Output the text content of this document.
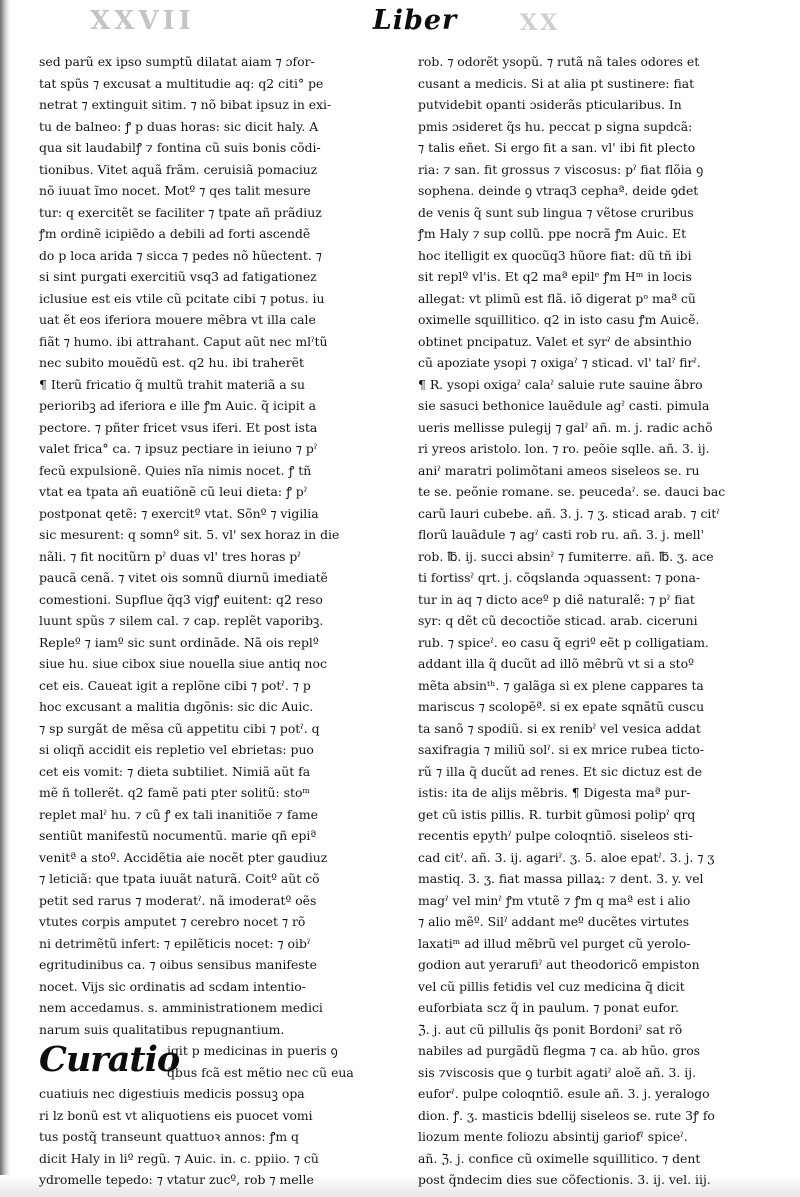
XXVII	Liber	XX
sed parũ ex ipso sumptũ dilatat aiam ⁊ ɔfor-
tat spũs ⁊ excusat a multitudie aq: q2 citi° pe
netrat ⁊ extinguit sitim. ⁊ nõ bibat ipsuz in exi-
tu de balneo: ꝭ p duas horas: sic dicit haly. A
qua sit laudabilꝭ ⁊ fontina cũ suis bonis cõdi-
tionibus. Vitet aquã frãm. ceruisiã pomaciuz
nõ iuuat ĩmo nocet. Motº ⁊ qes talit mesure
tur: q exercitẽt se faciliter ⁊ tpate añ prãdiuz
ꝭm ordinẽ icipiẽdo a debili ad forti ascendẽ
do p loca arida ⁊ sicca ⁊ pedes nõ hũectent. ⁊
si sint purgati exercitiũ vsq3 ad fatigationez
iclusiue est eis vtile cũ pcitate cibi ⁊ potus. iu
uat ẽt eos iferiora mouere mẽbra vt illa cale
fiãt ⁊ humo. ibi attrahant. Caput aũt nec mlˀtũ
nec subito mouẽdũ est. q2 hu. ibi traherẽt
¶ Iterũ fricatio q̃ multũ trahit materiã a su
perioribꝫ ad iferiora e ille ꝭm Auic. q̃ icipit a
pectore. ⁊ pñter fricet vsus iferi. Et post ista
valet frica° ca. ⁊ ipsuz pectiare in ieiuno ⁊ pˀ
fecũ expulsionẽ. Quies nĩa nimis nocet. ꝭ tñ
vtat ea tpata añ euatiõnẽ cũ leui dieta: ꝭ pˀ
postponat qetẽ: ⁊ exercitº vtat. Sõnº ⁊ vigilia
sic mesurent: q somnº sit. 5. vl' sex horaz in die
nãli. ⁊ fit nocitũrn pˀ duas vl' tres horas pˀ
paucã cenã. ⁊ vitet ois somnũ diurnũ imediatẽ
comestioni. Supflue q̃q3 vigꝭ euitent: q2 reso
luunt spũs ⁊ silem cal. ⁊ cap. replẽt vaporibꝫ.
Repleº ⁊ iamº sic sunt ordinãde. Nã ois replº
siue hu. siue cibox siue nouella siue antiq noc
cet eis. Caueat igit a replõne cibi ⁊ potˀ. ⁊ p
hoc excusant a malitia dıgõnis: sic dic Auic.
⁊ sp surgãt de mẽsa cũ appetitu cibi ⁊ potˀ. q
si oliqñ accidit eis repletio vel ebrietas: puo
cet eis vomit: ⁊ dieta subtiliet. Nimiã aũt fa
mẽ ñ tollerẽt. q2 famẽ pati pter solitũ: stoᵐ
replet malˀ hu. ⁊ cũ ꝭ ex tali inanitiõe ⁊ fame
sentiũt manifestũ nocumentũ. marie qñ epiª
venitª a stoº. Accidẽtia aie nocẽt pter gaudiuz
⁊ leticiã: que tpata iuuãt naturã. Coitº aũt cõ
petit sed rarus ⁊ moderatˀ. nã imoderatº oẽs
vtutes corpis amputet ⁊ cerebro nocet ⁊ rõ
ni detrimẽtũ infert: ⁊ epilẽticis nocet: ⁊ oibˀ
egritudinibus ca. ⁊ oibus sensibus manifeste
nocet. Vijs sic ordinatis ad scdam intentio-
nem accedamus. s. amministrationem medici
narum suis qualitatibus repugnantium.
Curatio
igit p medicinas in pueris ꝯ
q̃bus fcã est mẽtio nec cũ eua
cuatiuis nec digestiuis medicis possuꝫ opa
ri lz bonũ est vt aliquotiens eis puocet vomi
tus postq̃ transeunt quattuoꝛ annos: ꝭm q
dicit Haly in liº regũ. ⁊ Auic. in. c. ppiio. ⁊ cũ
ydromelle tepedo: ⁊ vtatur zucº, rob ⁊ melle
rob. ⁊ odorẽt ysopũ. ⁊ rutã nã tales odores et
cusant a medicis. Si at alia pt sustinere: fiat
putvidebit opanti ɔsiderãs pticularibus. In
pmis ɔsideret q̃s hu. peccat p signa supdcã:
⁊ talis eñet. Si ergo fit a san. vl' ibi fit plecto
ria: ⁊ san. fit grossus ⁊ viscosus: pˀ fiat flõia ꝯ
sophena. deinde ꝯ vtraq3 cephaª. deide ꝯdet
de venis q̃ sunt sub lingua ⁊ vẽtose cruribus
ꝭm Haly ⁊ sup collũ. ppe nocrã ꝭm Auic. Et
hoc itelligit ex quocũq3 hũore fiat: dũ tñ ibi
sit replº vl'is. Et q2 maª epilᵉ ꝭm Hᵐ in locis
allegat: vt plimũ est flã. iõ digerat pᵒ maª cũ
oximelle squillitico. q2 in isto casu ꝭm Auicẽ.
obtinet pncipatuz. Valet et syrˀ de absinthio
cũ apoziate ysopi ⁊ oxigaˀ ⁊ sticad. vl' talˀ firˀ.
¶ R. ysopi oxigaˀ calaˀ saluie rute sauine ãbro
sie sasuci bethonice lauẽdule agˀ casti. pimula
ueris mellisse pulegij ⁊ galˀ añ. m. j. radic achõ
ri yreos aristolo. lon. ⁊ ro. peõie sqlle. añ. 3. ij.
aniˀ maratri polimõtani ameos siseleos se. ru
te se. peõnie romane. se. peucedaˀ. se. dauci bac
carũ lauri cubebe. añ. 3. j. ⁊ ʒ. sticad arab. ⁊ citˀ
florũ lauãdule ⁊ agˀ casti rob ru. añ. 3. j. mell'
rob. ℔. ij. succi absinˀ ⁊ fumiterre. añ. ℔. ʒ. ace
ti fortissˀ qrt. j. cõqslanda ɔquassent: ⁊ pona-
tur in aq ⁊ dicto aceº p diẽ naturalẽ: ⁊ pˀ fiat
syr: q dẽt cũ decoctiõe sticad. arab. ciceruni
rub. ⁊ spiceˀ. eo casu q̃ egriº eẽt p colligatiam.
addant illa q̃ ducũt ad illõ mẽbrũ vt si a stoº
mẽta absinᵗʰ. ⁊ galãga si ex plene cappares ta
mariscus ⁊ scolopẽª. si ex epate sqnãtũ cuscu
ta sanõ ⁊ spodiũ. si ex renibˀ vel vesica addat
saxifragia ⁊ miliũ solˀ. si ex mrice rubea ticto-
rũ ⁊ illa q̃ ducũt ad renes. Et sic dictuz est de
istis: ita de alijs mẽbris. ¶ Digesta maª pur-
get cũ istis pillis. R. turbit gũmosi polipˀ qrq
recentis epythˀ pulpe coloqntiõ. siseleos sti-
cad citˀ. añ. 3. ij. agariˀ. ʒ. 5. aloe epatˀ. 3. j. ⁊ ʒ
mastiq. 3. ʒ. fiat massa pillaꝝ: ⁊ dent. 3. y. vel
magˀ vel minˀ ꝭm vtutẽ ⁊ ꝭm q maª est i alio
⁊ alio mẽº. Silˀ addant meº ducẽtes virtutes
laxatiᵐ ad illud mẽbrũ vel purget cũ yerolo-
godion aut yerarufiˀ aut theodoricõ empiston
vel cũ pillis fetidis vel cuz medicina q̃ dicit
euforbiata scz q̃ in paulum. ⁊ ponat eufor.
ℨ. j. aut cũ pillulis q̃s ponit Bordoniˀ sat rõ
nabiles ad purgãdũ flegma ⁊ ca. ab hũo. gros
sis ⁊viscosis que ꝯ turbit agatiˀ aloẽ añ. 3. ij.
euforˀ. pulpe coloqntiõ. esule añ. 3. j. yeralogo
dion. ꝭ. ʒ. masticis bdellij siseleos se. rute 3ꝭ fo
liozum mente foliozu absintij gariofˀ spiceˀ.
añ. ℨ. j. confice cũ oximelle squillitico. ⁊ dent
post q̃ndecim dies sue cõfectionis. 3. ij. vel. iij.
